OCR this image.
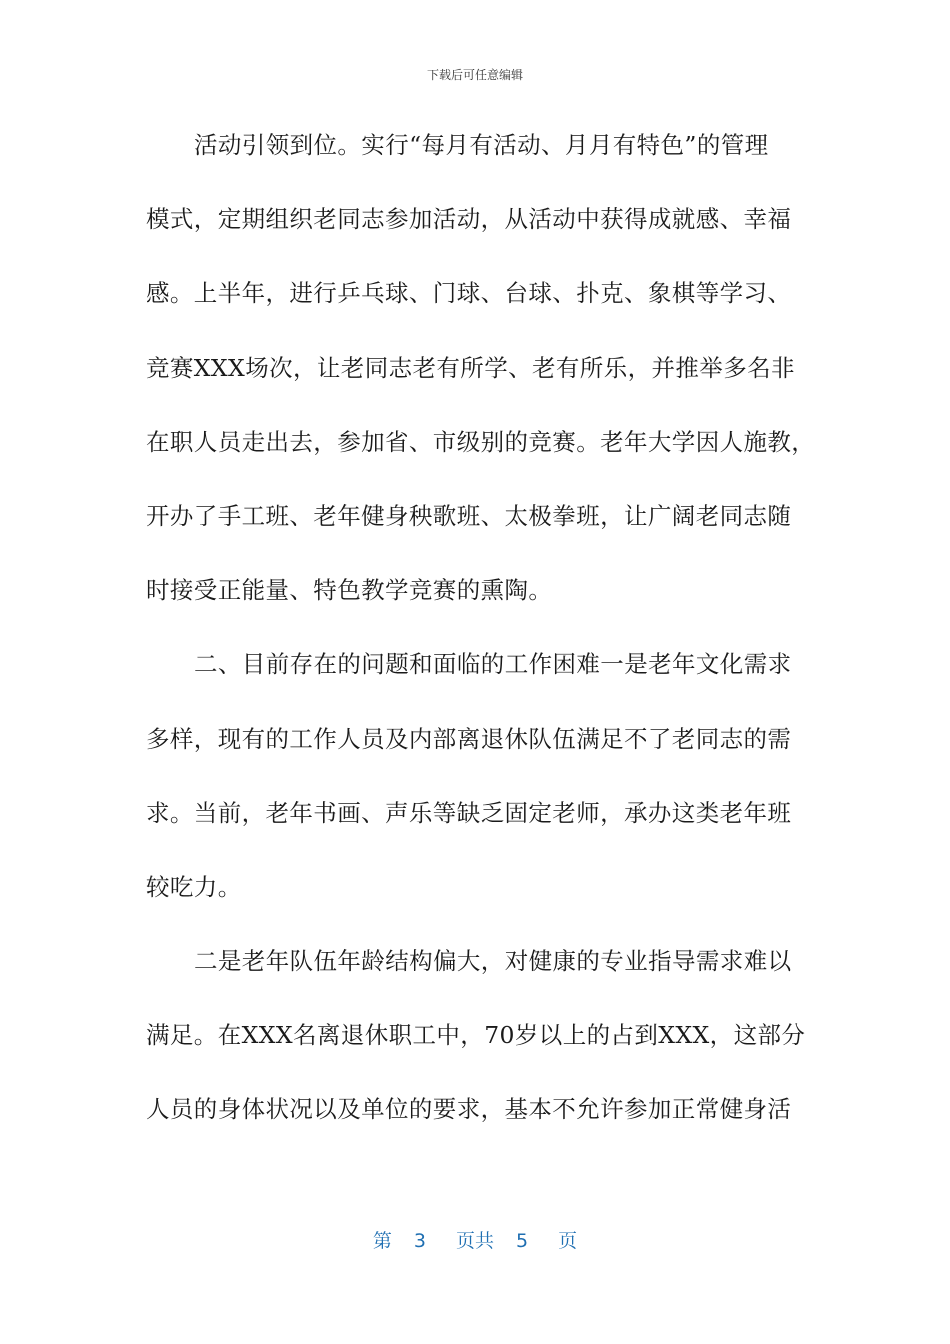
下载后可任意编辑
活动引领到位。实行“每月有活动、月月有特色”的管理
模式，定期组织老同志参加活动，从活动中获得成就感、幸福
感。上半年，进行乒乓球、门球、台球、扑克、象棋等学习、
竞赛XXX场次，让老同志老有所学、老有所乐，并推举多名非
在职人员走出去，参加省、市级别的竞赛。老年大学因人施教，
开办了手工班、老年健身秧歌班、太极拳班，让广阔老同志随
时接受正能量、特色教学竞赛的熏陶。
二、目前存在的问题和面临的工作困难一是老年文化需求
多样，现有的工作人员及内部离退休队伍满足不了老同志的需
求。当前，老年书画、声乐等缺乏固定老师，承办这类老年班
较吃力。
二是老年队伍年龄结构偏大，对健康的专业指导需求难以
满足。在XXX名离退休职工中，70岁以上的占到XXX，这部分
人员的身体状况以及单位的要求，基本不允许参加正常健身活
第 3 页共 5 页
